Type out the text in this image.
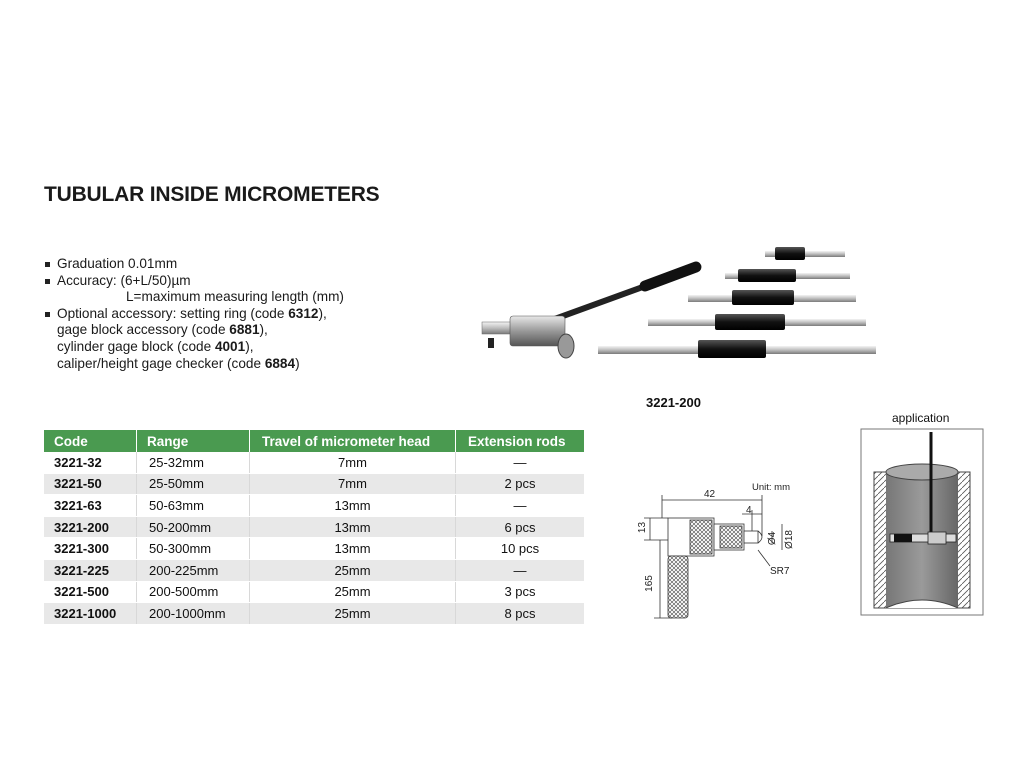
TUBULAR INSIDE MICROMETERS
Graduation 0.01mm
Accuracy: (6+L/50)µm
L=maximum measuring length (mm)
Optional accessory: setting ring (code 6312),
gage block accessory (code 6881),
cylinder gage block (code 4001),
caliper/height gage checker (code 6884)
3221-200
Code	Range	Travel of micrometer head	Extension rods
3221-32	25-32mm	7mm	—
3221-50	25-50mm	7mm	2 pcs
3221-63	50-63mm	13mm	—
3221-200	50-200mm	13mm	6 pcs
3221-300	50-300mm	13mm	10 pcs
3221-225	200-225mm	25mm	—
3221-500	200-500mm	25mm	3 pcs
3221-1000	200-1000mm	25mm	8 pcs
Unit: mm
42
4
13
Ø4 Ø18
SR7
165
application
